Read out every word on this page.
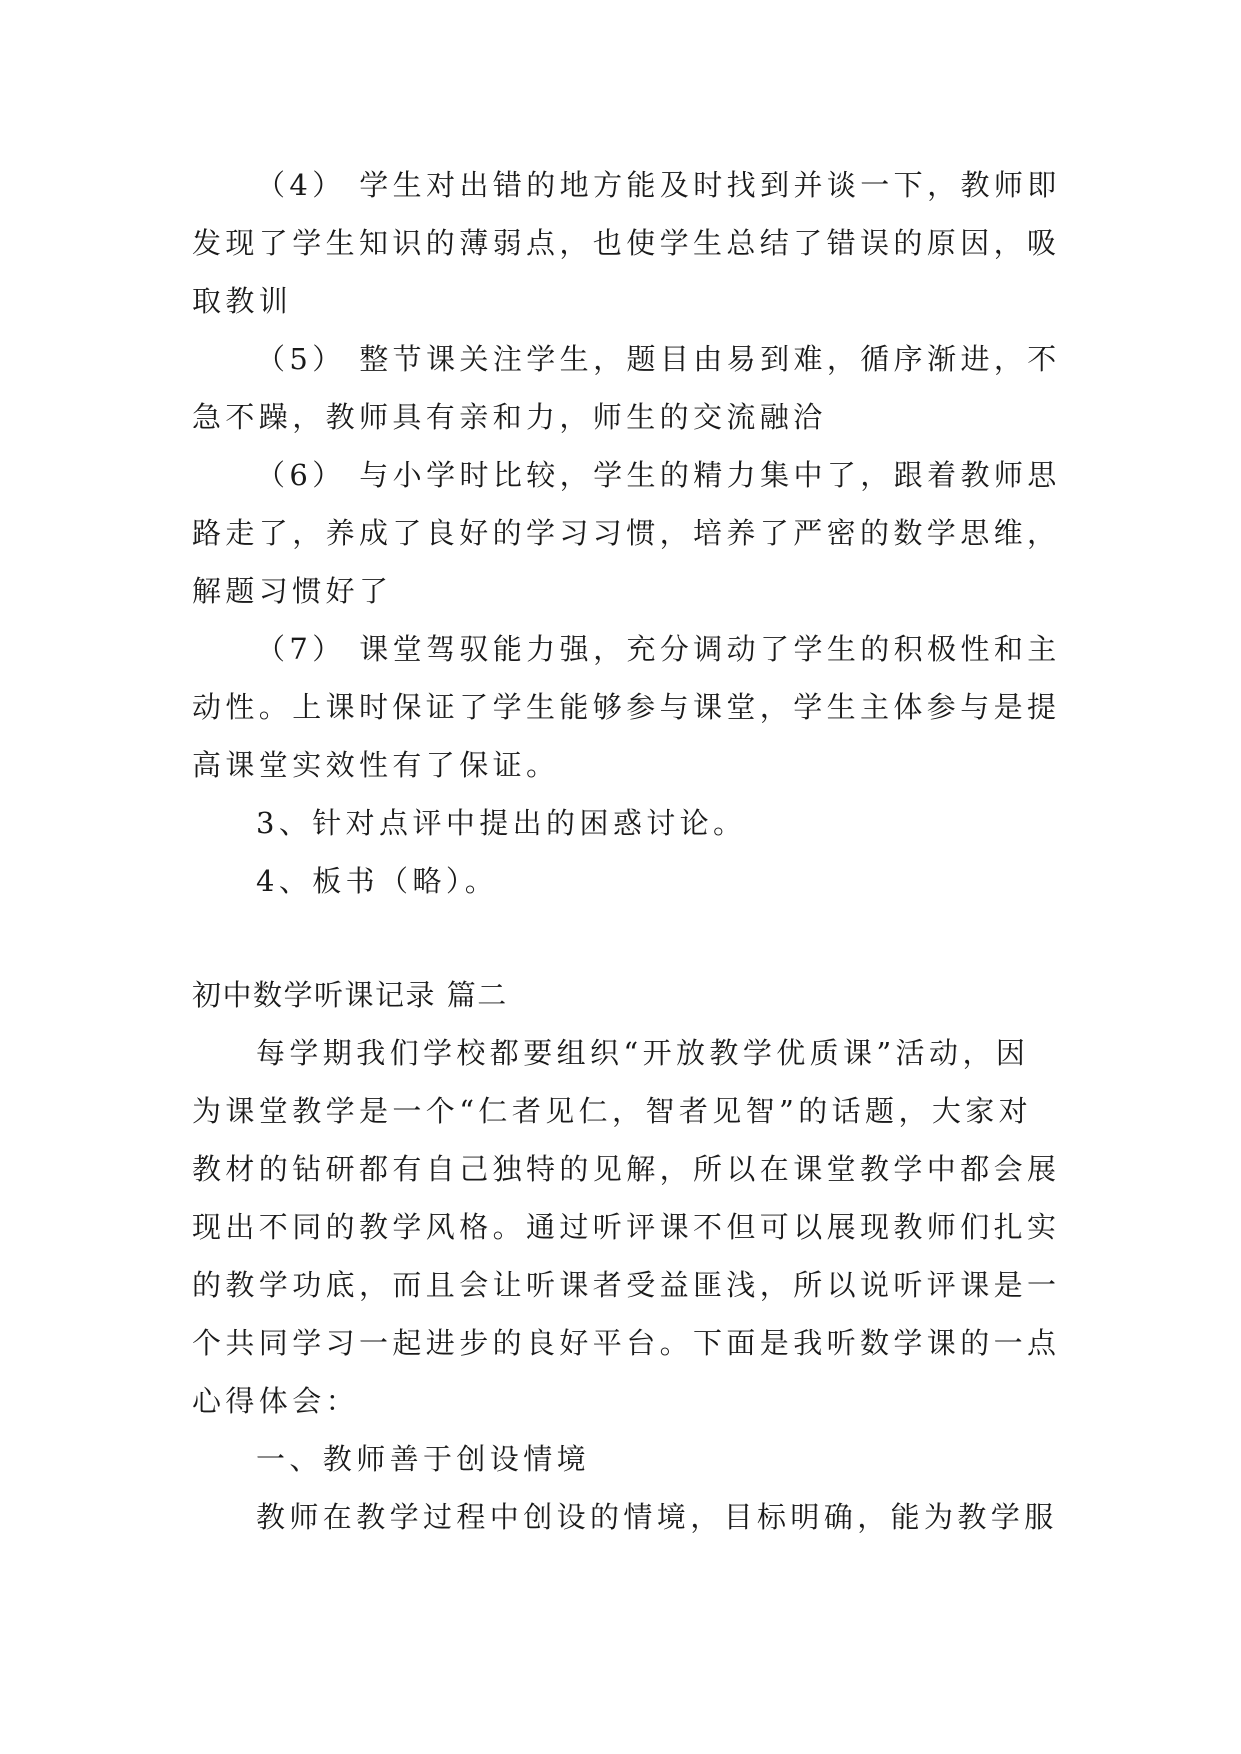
（4） 学生对出错的地方能及时找到并谈一下，教师即
发现了学生知识的薄弱点，也使学生总结了错误的原因，吸
取教训
（5） 整节课关注学生，题目由易到难，循序渐进，不
急不躁，教师具有亲和力，师生的交流融洽
（6） 与小学时比较，学生的精力集中了，跟着教师思
路走了，养成了良好的学习习惯，培养了严密的数学思维，
解题习惯好了
（7） 课堂驾驭能力强，充分调动了学生的积极性和主
动性。上课时保证了学生能够参与课堂，学生主体参与是提
高课堂实效性有了保证。
3、针对点评中提出的困惑讨论。
4、板书（略）。
初中数学听课记录 篇二
每学期我们学校都要组织“开放教学优质课”活动，因
为课堂教学是一个“仁者见仁，智者见智”的话题，大家对
教材的钻研都有自己独特的见解，所以在课堂教学中都会展
现出不同的教学风格。通过听评课不但可以展现教师们扎实
的教学功底，而且会让听课者受益匪浅，所以说听评课是一
个共同学习一起进步的良好平台。下面是我听数学课的一点
心得体会：
一、教师善于创设情境
教师在教学过程中创设的情境，目标明确，能为教学服
